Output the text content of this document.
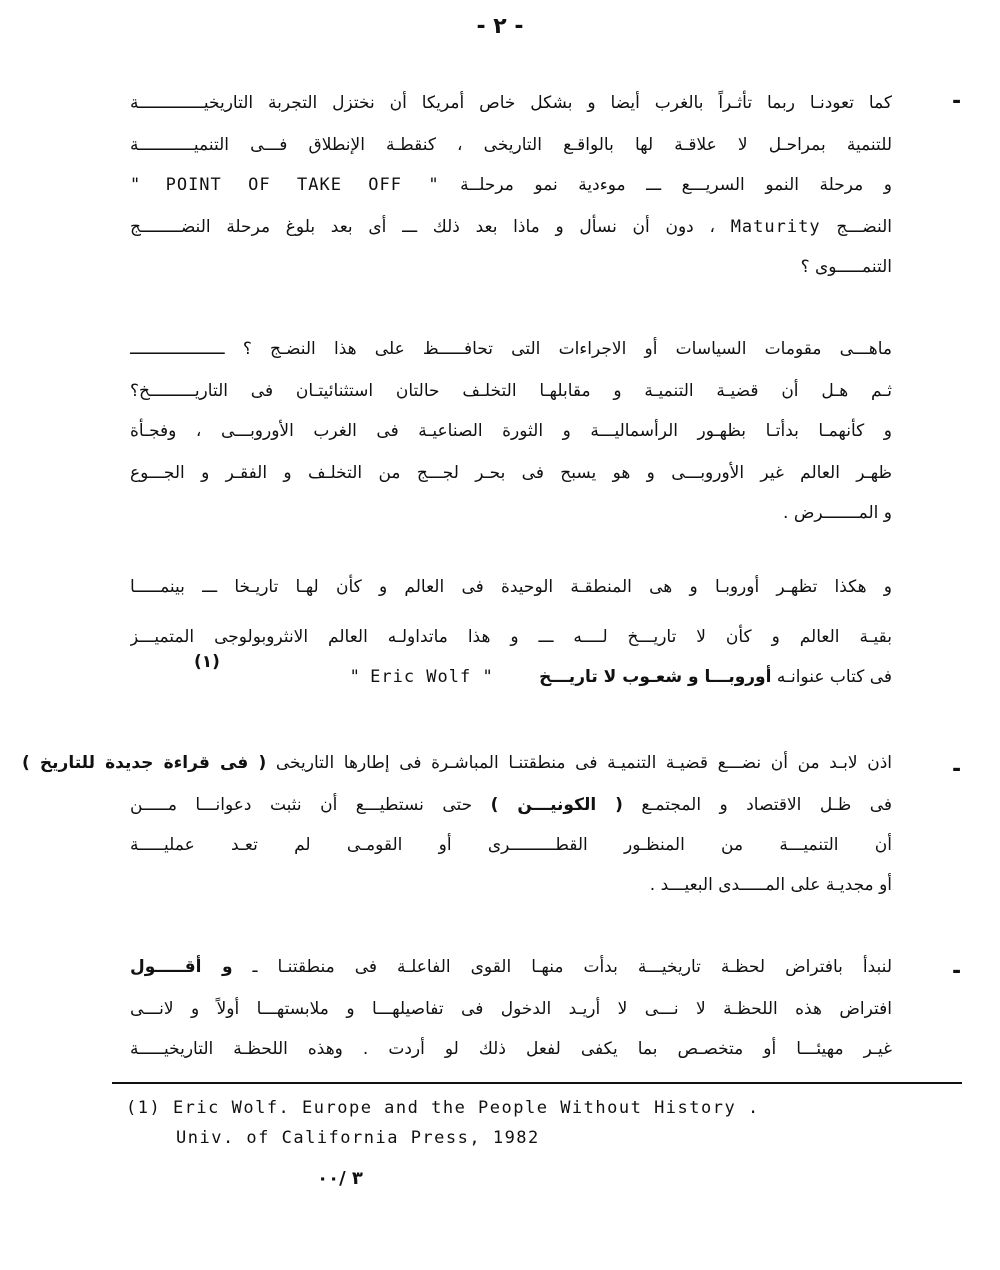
- ٢ -
-
كما تعودنـا ربما تأثـراً بالغرب أيضا و بشكل خاص أمريكا أن نختزل التجربة التاريخيـــــــــــــة
للتنمية بمراحـل لا علاقـة لها بالواقـع التاريخى ، كنقطـة الإنطلاق فـــى التنميـــــــــــة
و مرحلة النمو السريـــع ـــ موءدية نمو مرحلــة " POINT OF TAKE OFF "
النضـــج Maturity ، دون أن نسأل و ماذا بعد ذلك ـــ أى بعد بلوغ مرحلة النضــــــــج
التنمـــــوى ؟
ماهـــى مقومات السياسات أو الاجراءات التى تحافـــــظ على هذا النضـج ؟ ـــــــــــــــــــ
ثـم هـل أن قضيـة التنميـة و مقابلهـا التخلـف حالتان استثنائيتـان فى التاريـــــــــخ؟
و كأنهمـا بدأتـا بظهـور الرأسماليـــة و الثورة الصناعيـة فى الغرب الأوروبـــى ، وفجـأة
ظهـر العالم غير الأوروبـــى و هو يسبح فى بحـر لجـــج من التخلـف و الفقـر و الجـــوع
و المـــــــرض .
و هكذا تظهـر أوروبـا و هى المنطقـة الوحيدة فى العالم و كأن لهـا تاريـخا ـــ بينمـــــا
بقيـة العالم و كأن لا تاريـــخ لــــه ـــ و هذا ماتداولـه العالم الانثروبولوجى المتميـــز
فى كتاب عنوانـه أوروبـــا و شعـوب لا تاريـــخ " Eric Wolf "
(١)
-
اذن لابـد من أن نضـــع قضيـة التنميـة فى منطقتنـا المباشـرة فى إطارها التاريخى ( فى قراءة جديدة للتاريخ )
فى ظـل الاقتصاد و المجتمـع ( الكونيـــن ) حتى نستطيـــع أن نثبت دعوانـــا مـــــن
أن التنميـــة من المنظـور القطـــــــــرى أو القومـى لم تعـد عمليـــــة
أو مجديـة على المـــــدى البعيـــد .
-
لنبدأ بافتراض لحظـة تاريخيـــة بدأت منهـا القوى الفاعلـة فى منطقتنـا ـ و أقـــــول
افتراض هذه اللحظـة لا نـــى لا أريـد الدخول فى تفاصيلهـــا و ملابستهـــا أولاً و لانـــى
غيـر مهيئـــا أو متخصـص بما يكفى لفعل ذلك لو أردت . وهذه اللحظـة التاريخيـــــة
(1) Eric Wolf. Europe and the People Without History .
Univ. of California Press, 1982
٣ /٠٠
